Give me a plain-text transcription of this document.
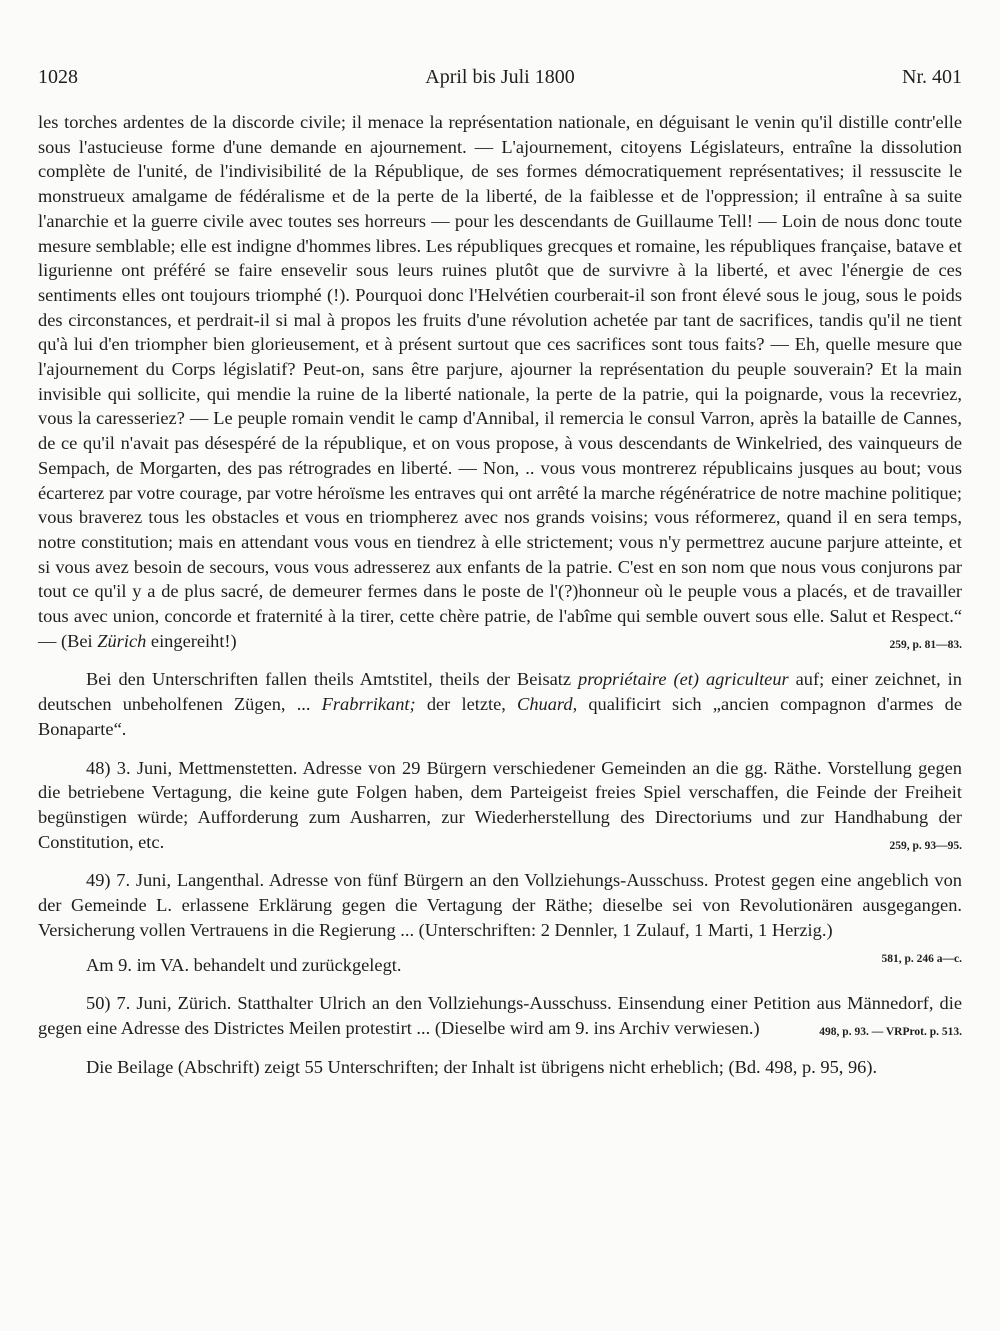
1028	April bis Juli 1800	Nr. 401

les torches ardentes de la discorde civile; il menace la représentation nationale, en déguisant le venin qu'il distille contr'elle sous l'astucieuse forme d'une demande en ajournement. — L'ajournement, citoyens Législateurs, entraîne la dissolution complète de l'unité, de l'indivisibilité de la République, de ses formes démocratiquement représentatives; il ressuscite le monstrueux amalgame de fédéralisme et de la perte de la liberté, de la faiblesse et de l'oppression; il entraîne à sa suite l'anarchie et la guerre civile avec toutes ses horreurs — pour les descendants de Guillaume Tell! — Loin de nous donc toute mesure semblable; elle est indigne d'hommes libres. Les républiques grecques et romaine, les républiques française, batave et ligurienne ont préféré se faire ensevelir sous leurs ruines plutôt que de survivre à la liberté, et avec l'énergie de ces sentiments elles ont toujours triomphé (!). Pourquoi donc l'Helvétien courberait-il son front élevé sous le joug, sous le poids des circonstances, et perdrait-il si mal à propos les fruits d'une révolution achetée par tant de sacrifices, tandis qu'il ne tient qu'à lui d'en triompher bien glorieusement, et à présent surtout que ces sacrifices sont tous faits? — Eh, quelle mesure que l'ajournement du Corps législatif? Peut-on, sans être parjure, ajourner la représentation du peuple souverain? Et la main invisible qui sollicite, qui mendie la ruine de la liberté nationale, la perte de la patrie, qui la poignarde, vous la recevriez, vous la caresseriez? — Le peuple romain vendit le camp d'Annibal, il remercia le consul Varron, après la bataille de Cannes, de ce qu'il n'avait pas désespéré de la république, et on vous propose, à vous descendants de Winkelried, des vainqueurs de Sempach, de Morgarten, des pas rétrogrades en liberté. — Non, .. vous vous montrerez républicains jusques au bout; vous écarterez par votre courage, par votre héroïsme les entraves qui ont arrêté la marche régénératrice de notre machine politique; vous braverez tous les obstacles et vous en triompherez avec nos grands voisins; vous réformerez, quand il en sera temps, notre constitution; mais en attendant vous vous en tiendrez à elle strictement; vous n'y permettrez aucune parjure atteinte, et si vous avez besoin de secours, vous vous adresserez aux enfants de la patrie. C'est en son nom que nous vous conjurons par tout ce qu'il y a de plus sacré, de demeurer fermes dans le poste de l'(?)honneur où le peuple vous a placés, et de travailler tous avec union, concorde et fraternité à la tirer, cette chère patrie, de l'abîme qui semble ouvert sous elle. Salut et Respect.“ — (Bei Zürich eingereiht!)	259, p. 81—83.

Bei den Unterschriften fallen theils Amtstitel, theils der Beisatz propriétaire (et) agriculteur auf; einer zeichnet, in deutschen unbeholfenen Zügen, ... Frabrrikant; der letzte, Chuard, qualificirt sich „ancien compagnon d'armes de Bonaparte“.

48) 3. Juni, Mettmenstetten. Adresse von 29 Bürgern verschiedener Gemeinden an die gg. Räthe. Vorstellung gegen die betriebene Vertagung, die keine gute Folgen haben, dem Parteigeist freies Spiel verschaffen, die Feinde der Freiheit begünstigen würde; Aufforderung zum Ausharren, zur Wiederherstellung des Directoriums und zur Handhabung der Constitution, etc.	259, p. 93—95.

49) 7. Juni, Langenthal. Adresse von fünf Bürgern an den Vollziehungs-Ausschuss. Protest gegen eine angeblich von der Gemeinde L. erlassene Erklärung gegen die Vertagung der Räthe; dieselbe sei von Revolutionären ausgegangen. Versicherung vollen Vertrauens in die Regierung ... (Unterschriften: 2 Dennler, 1 Zulauf, 1 Marti, 1 Herzig.)
581, p. 246 a—c.

Am 9. im VA. behandelt und zurückgelegt.

50) 7. Juni, Zürich. Statthalter Ulrich an den Vollziehungs-Ausschuss. Einsendung einer Petition aus Männedorf, die gegen eine Adresse des Districtes Meilen protestirt ... (Dieselbe wird am 9. ins Archiv verwiesen.)	498, p. 93. — VRProt. p. 513.

Die Beilage (Abschrift) zeigt 55 Unterschriften; der Inhalt ist übrigens nicht erheblich; (Bd. 498, p. 95, 96).
